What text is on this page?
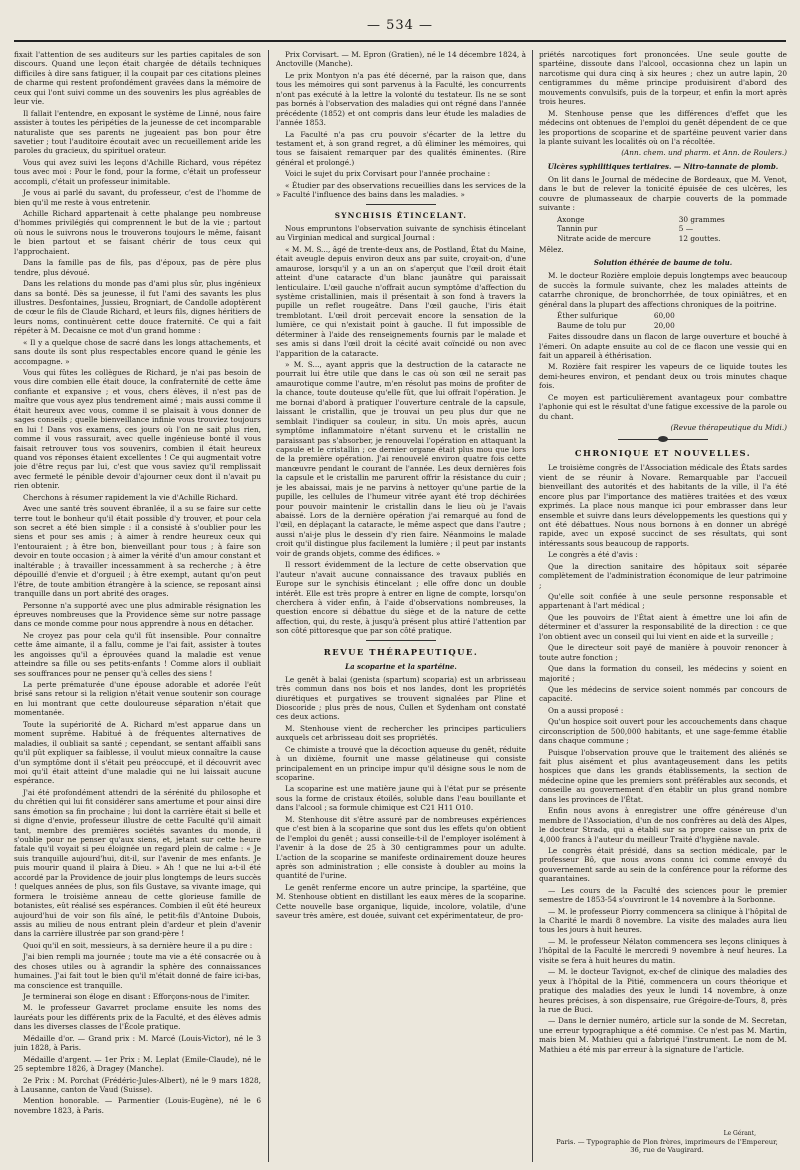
— 534 —

fixait l'attention de ses auditeurs sur les parties capitales de son discours. Quand une leçon était chargée de détails techniques difficiles à dire sans fatiguer, il la coupait par ces citations pleines de charme qui restent profondément gravées dans la mémoire de ceux qui l'ont suivi comme un des souvenirs les plus agréables de leur vie.

Il fallait l'entendre, en exposant le système de Linné, nous faire assister à toutes les péripéties de la jeunesse de cet incomparable naturaliste que ses parents ne jugeaient pas bon pour être savetier ; tout l'auditoire écoutait avec un recueillement aride les paroles du gracieux, du spirituel orateur.

Vous qui avez suivi les leçons d'Achille Richard, vous répétez tous avec moi : Pour le fond, pour la forme, c'était un professeur accompli, c'était un professeur inimitable.

Je vous ai parlé du savant, du professeur, c'est de l'homme de bien qu'il me reste à vous entretenir.

Achille Richard appartenait à cette phalange peu nombreuse d'hommes privilégiés qui comprennent le but de la vie ; partout où nous le suivrons nous le trouverons toujours le même, faisant le bien partout et se faisant chérir de tous ceux qui l'approchaient.

Dans la famille pas de fils, pas d'époux, pas de père plus tendre, plus dévoué.

Dans les relations du monde pas d'ami plus sûr, plus ingénieux dans sa bonté. Dès sa jeunesse, il fut l'ami des savants les plus illustres. Desfontaines, Jussieu, Brogniart, de Candolle adoptèrent de cœur le fils de Claude Richard, et leurs fils, dignes héritiers de leurs noms, continuèrent cette douce fraternité. Ce qui a fait répéter à M. Decaisne ce mot d'un grand homme :

« Il y a quelque chose de sacré dans les longs attachements, et sans doute ils sont plus respectables encore quand le génie les accompagne. »

Vous qui fûtes les collègues de Richard, je n'ai pas besoin de vous dire combien elle était douce, la confraternité de cette âme confiante et expansive ; et vous, chers élèves, il n'est pas de maître que vous ayez plus tendrement aimé ; mais aussi comme il était heureux avec vous, comme il se plaisait à vous donner de sages conseils ; quelle bienveillance infinie vous trouviez toujours en lui ! Dans vos examens, ces jours où l'on ne sait plus rien, comme il vous rassurait, avec quelle ingénieuse bonté il vous faisait retrouver tous vos souvenirs, combien il était heureux quand vos réponses étaient excellentes ! Ce qui augmentait votre joie d'être reçus par lui, c'est que vous saviez qu'il remplissait avec fermeté le pénible devoir d'ajourner ceux dont il n'avait pu rien obtenir.

Cherchons à résumer rapidement la vie d'Achille Richard.

Avec une santé très souvent ébranlée, il a su se faire sur cette terre tout le bonheur qu'il était possible d'y trouver, et pour cela son secret a été bien simple : il a consisté à s'oublier pour les siens et pour ses amis ; à aimer à rendre heureux ceux qui l'entouraient ; à être bon, bienveillant pour tous ; à faire son devoir en toute occasion ; à aimer la vérité d'un amour constant et inaltérable ; à travailler incessamment à sa recherche ; à être dépouillé d'envie et d'orgueil ; à être exempt, autant qu'on peut l'être, de toute ambition étrangère à la science, se reposant ainsi tranquille dans un port abrité des orages.

Personne n'a supporté avec une plus admirable résignation les épreuves nombreuses que la Providence sème sur notre passage dans ce monde comme pour nous apprendre à nous en détacher.

Ne croyez pas pour cela qu'il fût insensible. Pour connaître cette âme aimante, il a fallu, comme je l'ai fait, assister à toutes les angoisses qu'il a éprouvées quand la maladie est venue atteindre sa fille ou ses petits-enfants ! Comme alors il oubliait ses souffrances pour ne penser qu'à celles des siens !

La perte prématurée d'une épouse adorable et adorée l'eût brisé sans retour si la religion n'était venue soutenir son courage en lui montrant que cette douloureuse séparation n'était que momentanée.

Toute la supériorité de A. Richard m'est apparue dans un moment suprême. Habitué à de fréquentes alternatives de maladies, il oubliait sa santé ; cependant, se sentant affaibli sans qu'il pût expliquer sa faiblesse, il voulut mieux connaître la cause d'un symptôme dont il s'était peu préoccupé, et il découvrit avec moi qu'il était atteint d'une maladie qui ne lui laissait aucune espérance.

J'ai été profondément attendri de la sérénité du philosophe et du chrétien qui lui fit considérer sans amertume et pour ainsi dire sans émotion sa fin prochaine ; lui dont la carrière était si belle et si digne d'envie, professeur illustre de cette Faculté qu'il aimait tant, membre des premières sociétés savantes du monde, il s'oublie pour ne penser qu'aux siens, et, jetant sur cette heure fatale qu'il voyait si peu éloignée un regard plein de calme : « Je suis tranquille aujourd'hui, dit-il, sur l'avenir de mes enfants. Je puis mourir quand il plaira à Dieu. » Ah ! que ne lui a-t-il été accordé par la Providence de jouir plus longtemps de leurs succès ! quelques années de plus, son fils Gustave, sa vivante image, qui formera le troisième anneau de cette glorieuse famille de botanistes, eût réalisé ses espérances. Combien il eût été heureux aujourd'hui de voir son fils aîné, le petit-fils d'Antoine Dubois, assis au milieu de nous entrant plein d'ardeur et plein d'avenir dans la carrière illustrée par son grand-père !

Quoi qu'il en soit, messieurs, à sa dernière heure il a pu dire :

J'ai bien rempli ma journée ; toute ma vie a été consacrée ou à des choses utiles ou à agrandir la sphère des connaissances humaines. J'ai fait tout le bien qu'il m'était donné de faire ici-bas, ma conscience est tranquille.

Je terminerai son éloge en disant : Efforçons-nous de l'imiter.

M. le professeur Gavarret proclame ensuite les noms des lauréats pour les différents prix de la Faculté, et des élèves admis dans les diverses classes de l'École pratique.

Médaille d'or. — Grand prix : M. Marcé (Louis-Victor), né le 3 juin 1828, à Paris.

Médaille d'argent. — 1er Prix : M. Leplat (Emile-Claude), né le 25 septembre 1826, à Dragey (Manche).

2e Prix : M. Porchat (Frédéric-Jules-Albert), né le 9 mars 1828, à Lausanne, canton de Vaud (Suisse).

Mention honorable. — Parmentier (Louis-Eugène), né le 6 novembre 1823, à Paris.

Prix Corvisart. — M. Epron (Gratien), né le 14 décembre 1824, à Anctoville (Manche).

Le prix Montyon n'a pas été décerné, par la raison que, dans tous les mémoires qui sont parvenus à la Faculté, les concurrents n'ont pas exécuté à la lettre la volonté du testateur. Ils ne se sont pas bornés à l'observation des maladies qui ont régné dans l'année précédente (1852) et ont compris dans leur étude les maladies de l'année 1853.

La Faculté n'a pas cru pouvoir s'écarter de la lettre du testament et, à son grand regret, a dû éliminer les mémoires, qui tous se faisaient remarquer par des qualités éminentes. (Rire général et prolongé.)

Voici le sujet du prix Corvisart pour l'année prochaine :

« Étudier par des observations recueillies dans les services de la » Faculté l'influence des bains dans les maladies. »

SYNCHISIS ÉTINCELANT.

Nous empruntons l'observation suivante de synchisis étincelant au Virginian medical and surgical Journal :

« M. M. S..., âgé de trente-deux ans, de Postland, État du Maine, était aveugle depuis environ deux ans par suite, croyait-on, d'une amaurose, lorsqu'il y a un an on s'aperçut que l'œil droit était atteint d'une cataracte d'un blanc jaunâtre qui paraissait lenticulaire. L'œil gauche n'offrait aucun symptôme d'affection du système cristallinien, mais il présentait à son fond à travers la pupille un reflet rougeâtre. Dans l'œil gauche, l'iris était tremblotant. L'œil droit percevait encore la sensation de la lumière, ce qui n'existait point à gauche. Il fut impossible de déterminer à l'aide des renseignements fournis par le malade et ses amis si dans l'œil droit la cécité avait coïncidé ou non avec l'apparition de la cataracte.

» M. S..., ayant appris que la destruction de la cataracte ne pourrait lui être utile que dans le cas où son œil ne serait pas amaurotique comme l'autre, m'en résolut pas moins de profiter de la chance, toute douteuse qu'elle fût, que lui offrait l'opération. Je me bornai d'abord à pratiquer l'ouverture centrale de la capsule, laissant le cristallin, que je trouvai un peu plus dur que ne semblait l'indiquer sa couleur, in situ. Un mois après, aucun symptôme inflammatoire n'étant survenu et le cristallin ne paraissant pas s'absorber, je renouvelai l'opération en attaquant la capsule et le cristallin ; ce dernier organe était plus mou que lors de la première opération. J'ai renouvelé environ quatre fois cette manœuvre pendant le courant de l'année. Les deux dernières fois la capsule et le cristallin me parurent offrir la résistance du cuir ; je les abaissai, mais je ne parvins à nettoyer qu'une partie de la pupille, les cellules de l'humeur vitrée ayant été trop déchirées pour pouvoir maintenir le cristallin dans le lieu où je l'avais abaissé. Lors de la dernière opération j'ai remarqué au fond de l'œil, en déplaçant la cataracte, le même aspect que dans l'autre ; aussi n'ai-je plus le dessein d'y rien faire. Néanmoins le malade croit qu'il distingue plus facilement la lumière ; il peut par instants voir de grands objets, comme des édifices. »

Il ressort évidemment de la lecture de cette observation que l'auteur n'avait aucune connaissance des travaux publiés en Europe sur le synchisis étincelant ; elle offre donc un double intérêt. Elle est très propre à entrer en ligne de compte, lorsqu'on cherchera à vider enfin, à l'aide d'observations nombreuses, la question encore si débattue du siège et de la nature de cette affection, qui, du reste, à jusqu'à présent plus attiré l'attention par son côté pittoresque que par son côté pratique.

REVUE THÉRAPEUTIQUE.
La scoparine et la spartéine.

Le genêt à balai (genista (spartum) scoparia) est un arbrisseau très commun dans nos bois et nos landes, dont les propriétés diurétiques et purgatives se trouvent signalées par Pline et Dioscoride ; plus près de nous, Cullen et Sydenham ont constaté ces deux actions.

M. Stenhouse vient de rechercher les principes particuliers auxquels cet arbrisseau doit ses propriétés.

Ce chimiste a trouvé que la décoction aqueuse du genêt, réduite à un dixième, fournit une masse gélatineuse qui consiste principalement en un principe impur qu'il désigne sous le nom de scoparine.

La scoparine est une matière jaune qui à l'état pur se présente sous la forme de cristaux étoilés, soluble dans l'eau bouillante et dans l'alcool ; sa formule chimique est C21 H11 O10.

M. Stenhouse dit s'être assuré par de nombreuses expériences que c'est bien à la scoparine que sont dus les effets qu'on obtient de l'emploi du genêt ; aussi conseille-t-il de l'employer isolément à l'avenir à la dose de 25 à 30 centigrammes pour un adulte. L'action de la scoparine se manifeste ordinairement douze heures après son administration ; elle consiste à doubler au moins la quantité de l'urine.

Le genêt renferme encore un autre principe, la spartéine, que M. Stenhouse obtient en distillant les eaux mères de la scoparine. Cette nouvelle base organique, liquide, incolore, volatile, d'une saveur très amère, est douée, suivant cet expérimentateur, de pro-

priétés narcotiques fort prononcées. Une seule goutte de spartéine, dissoute dans l'alcool, occasionna chez un lapin un narcotisme qui dura cinq à six heures ; chez un autre lapin, 20 centigrammes du même principe produisirent d'abord des mouvements convulsifs, puis de la torpeur, et enfin la mort après trois heures.

M. Stenhouse pense que les différences d'effet que les médecins ont obtenues de l'emploi du genêt dépendent de ce que les proportions de scoparine et de spartéine peuvent varier dans la plante suivant les localités où on l'a récoltée.

(Ann. chem. und pharm. et Ann. de Roulers.)
Ulcères syphilitiques tertiaires. — Nitro-tannate de plomb.

On lit dans le Journal de médecine de Bordeaux, que M. Venot, dans le but de relever la tonicité épuisée de ces ulcères, les couvre de plumasseaux de charpie couverts de la pommade suivante :

Axonge	30 grammes
Tannin pur	5 —
Nitrate acide de mercure	12 gouttes.

Mêlez.

Solution éthérée de baume de tolu.

M. le docteur Rozière emploie depuis longtemps avec beaucoup de succès la formule suivante, chez les malades atteints de catarrhe chronique, de bronchorrhée, de toux opiniâtres, et en général dans la plupart des affections chroniques de la poitrine.

Éther sulfurique	60,00
Baume de tolu pur	20,00

Faites dissoudre dans un flacon de large ouverture et bouché à l'émeri. On adapte ensuite au col de ce flacon une vessie qui en fait un appareil à éthérisation.

M. Rozière fait respirer les vapeurs de ce liquide toutes les demi-heures environ, et pendant deux ou trois minutes chaque fois.

Ce moyen est particulièrement avantageux pour combattre l'aphonie qui est le résultat d'une fatigue excessive de la parole ou du chant.

(Revue thérapeutique du Midi.)
CHRONIQUE ET NOUVELLES.

Le troisième congrès de l'Association médicale des États sardes vient de se réunir à Novare. Remarquable par l'accueil bienveillant des autorités et des habitants de la ville, il l'a été encore plus par l'importance des matières traitées et des vœux exprimés. La place nous manque ici pour embrasser dans leur ensemble et suivre dans leurs développements les questions qui y ont été débattues. Nous nous bornons à en donner un abrégé rapide, avec un exposé succinct de ses résultats, qui sont intéressants sous beaucoup de rapports.

Le congrès a été d'avis :

Que la direction sanitaire des hôpitaux soit séparée complètement de l'administration économique de leur patrimoine ;

Qu'elle soit confiée à une seule personne responsable et appartenant à l'art médical ;

Que les pouvoirs de l'État aient à émettre une loi afin de déterminer et d'assurer la responsabilité de la direction : ce que l'on obtient avec un conseil qui lui vient en aide et la surveille ;

Que le directeur soit payé de manière à pouvoir renoncer à toute autre fonction ;

Que dans la formation du conseil, les médecins y soient en majorité ;

Que les médecins de service soient nommés par concours de capacité.

On a aussi proposé :

Qu'un hospice soit ouvert pour les accouchements dans chaque circonscription de 500,000 habitants, et une sage-femme établie dans chaque commune ;

Puisque l'observation prouve que le traitement des aliénés se fait plus aisément et plus avantageusement dans les petits hospices que dans les grands établissements, la section de médecine opine que les premiers sont préférables aux seconds, et conseille au gouvernement d'en établir un plus grand nombre dans les provinces de l'État.

Enfin nous avons à enregistrer une offre généreuse d'un membre de l'Association, d'un de nos confrères au delà des Alpes, le docteur Strada, qui a établi sur sa propre caisse un prix de 4,000 francs à l'auteur du meilleur Traité d'hygiène navale.

Le congrès était présidé, dans sa section médicale, par le professeur Bô, que nous avons connu ici comme envoyé du gouvernement sarde au sein de la conférence pour la réforme des quarantaines.

— Les cours de la Faculté des sciences pour le premier semestre de 1853-54 s'ouvriront le 14 novembre à la Sorbonne.

— M. le professeur Piorry commencera sa clinique à l'hôpital de la Charité le mardi 8 novembre. La visite des malades aura lieu tous les jours à huit heures.

— M. le professeur Nélaton commencera ses leçons cliniques à l'hôpital de la Faculté le mercredi 9 novembre à neuf heures. La visite se fera à huit heures du matin.

— M. le docteur Tavignot, ex-chef de clinique des maladies des yeux à l'hôpital de la Pitié, commencera un cours théorique et pratique des maladies des yeux le lundi 14 novembre, à onze heures précises, à son dispensaire, rue Grégoire-de-Tours, 8, près la rue de Buci.

— Dans le dernier numéro, article sur la sonde de M. Secretan, une erreur typographique a été commise. Ce n'est pas M. Martin, mais bien M. Mathieu qui a fabriqué l'instrument. Le nom de M. Mathieu a été mis par erreur à la signature de l'article.

Le Gérant,
Paris. — Typographie de Plon frères, imprimeurs de l'Empereur,
36, rue de Vaugirard.
